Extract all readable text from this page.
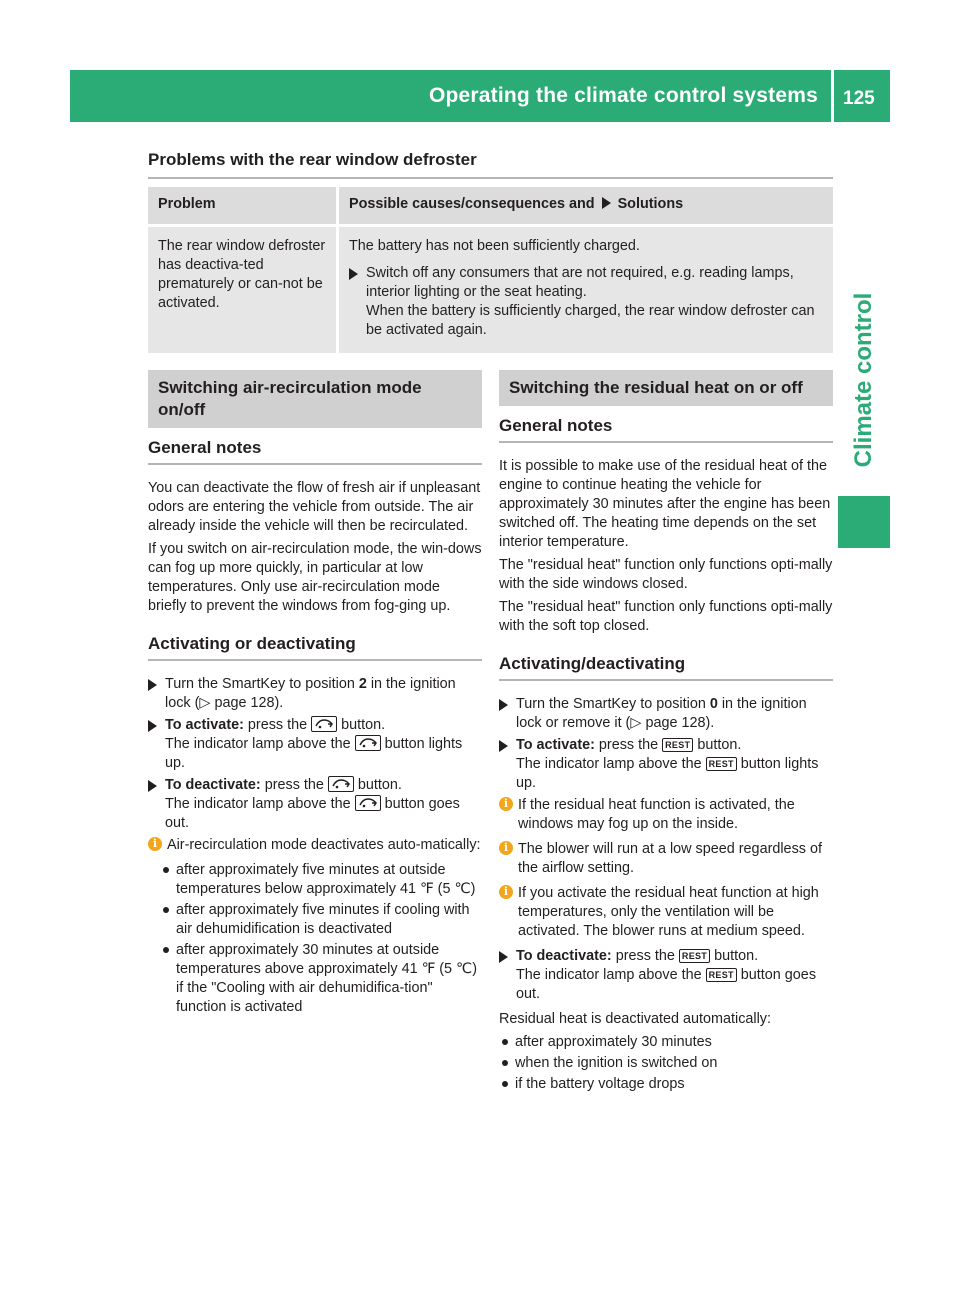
Operating the climate control systems 125
Climate control
Problems with the rear window defroster
Problem	Possible causes/consequences and Solutions
The rear window defroster has deactiva-ted prematurely or can-not be activated.	The battery has not been sufficiently charged.

Switch off any consumers that are not required, e.g. reading lamps, interior lighting or the seat heating.
When the battery is sufficiently charged, the rear window defroster can be activated again.
Switching air-recirculation mode on/off
General notes

You can deactivate the flow of fresh air if unpleasant odors are entering the vehicle from outside. The air already inside the vehicle will then be recirculated.

If you switch on air-recirculation mode, the win-dows can fog up more quickly, in particular at low temperatures. Only use air-recirculation mode briefly to prevent the windows from fog-ging up.

Activating or deactivating
Turn the SmartKey to position 2 in the ignition lock (▷ page 128).
To activate: press the button.
The indicator lamp above the button lights up.
To deactivate: press the button.
The indicator lamp above the button goes out.
i Air-recirculation mode deactivates auto-matically:
after approximately five minutes at outside temperatures below approximately 41 ℉ (5 ℃)
after approximately five minutes if cooling with air dehumidification is deactivated
after approximately 30 minutes at outside temperatures above approximately 41 ℉ (5 ℃) if the "Cooling with air dehumidifica-tion" function is activated
Switching the residual heat on or off
General notes

It is possible to make use of the residual heat of the engine to continue heating the vehicle for approximately 30 minutes after the engine has been switched off. The heating time depends on the set interior temperature.

The "residual heat" function only functions opti-mally with the side windows closed.

The "residual heat" function only functions opti-mally with the soft top closed.

Activating/deactivating
Turn the SmartKey to position 0 in the ignition lock or remove it (▷ page 128).
To activate: press the REST button.
The indicator lamp above the REST button lights up.
i If the residual heat function is activated, the windows may fog up on the inside.
i The blower will run at a low speed regardless of the airflow setting.
i If you activate the residual heat function at high temperatures, only the ventilation will be activated. The blower runs at medium speed.
To deactivate: press the REST button.
The indicator lamp above the REST button goes out.

Residual heat is deactivated automatically:

after approximately 30 minutes
when the ignition is switched on
if the battery voltage drops
